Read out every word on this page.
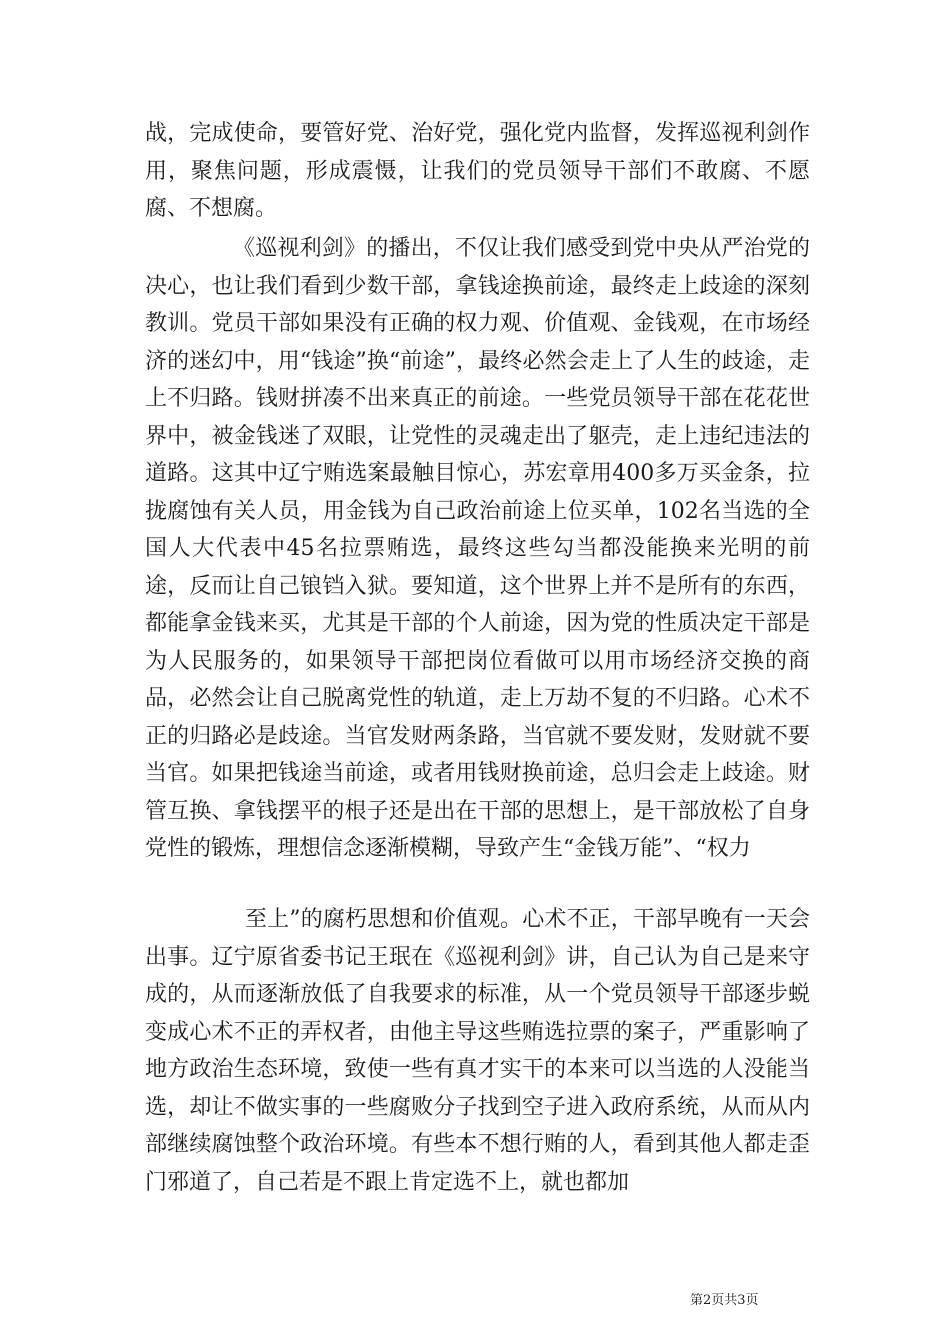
战，完成使命，要管好党、治好党，强化党内监督，发挥巡视利剑作用，聚焦问题，形成震慑，让我们的党员领导干部们不敢腐、不愿腐、不想腐。

《巡视利剑》的播出，不仅让我们感受到党中央从严治党的决心，也让我们看到少数干部，拿钱途换前途，最终走上歧途的深刻教训。党员干部如果没有正确的权力观、价值观、金钱观，在市场经济的迷幻中，用“钱途”换“前途”，最终必然会走上了人生的歧途，走上不归路。钱财拼凑不出来真正的前途。一些党员领导干部在花花世界中，被金钱迷了双眼，让党性的灵魂走出了躯壳，走上违纪违法的道路。这其中辽宁贿选案最触目惊心，苏宏章用400多万买金条，拉拢腐蚀有关人员，用金钱为自己政治前途上位买单，102名当选的全国人大代表中45名拉票贿选，最终这些勾当都没能换来光明的前途，反而让自己锒铛入狱。要知道，这个世界上并不是所有的东西，都能拿金钱来买，尤其是干部的个人前途，因为党的性质决定干部是为人民服务的，如果领导干部把岗位看做可以用市场经济交换的商品，必然会让自己脱离党性的轨道，走上万劫不复的不归路。心术不正的归路必是歧途。当官发财两条路，当官就不要发财，发财就不要当官。如果把钱途当前途，或者用钱财换前途，总归会走上歧途。财管互换、拿钱摆平的根子还是出在干部的思想上，是干部放松了自身党性的锻炼，理想信念逐渐模糊，导致产生“金钱万能”、“权力

至上”的腐朽思想和价值观。心术不正，干部早晚有一天会出事。辽宁原省委书记王珉在《巡视利剑》讲，自己认为自己是来守成的，从而逐渐放低了自我要求的标准，从一个党员领导干部逐步蜕变成心术不正的弄权者，由他主导这些贿选拉票的案子，严重影响了地方政治生态环境，致使一些有真才实干的本来可以当选的人没能当选，却让不做实事的一些腐败分子找到空子进入政府系统，从而从内部继续腐蚀整个政治环境。有些本不想行贿的人，看到其他人都走歪门邪道了，自己若是不跟上肯定选不上，就也都加

第2页共3页
